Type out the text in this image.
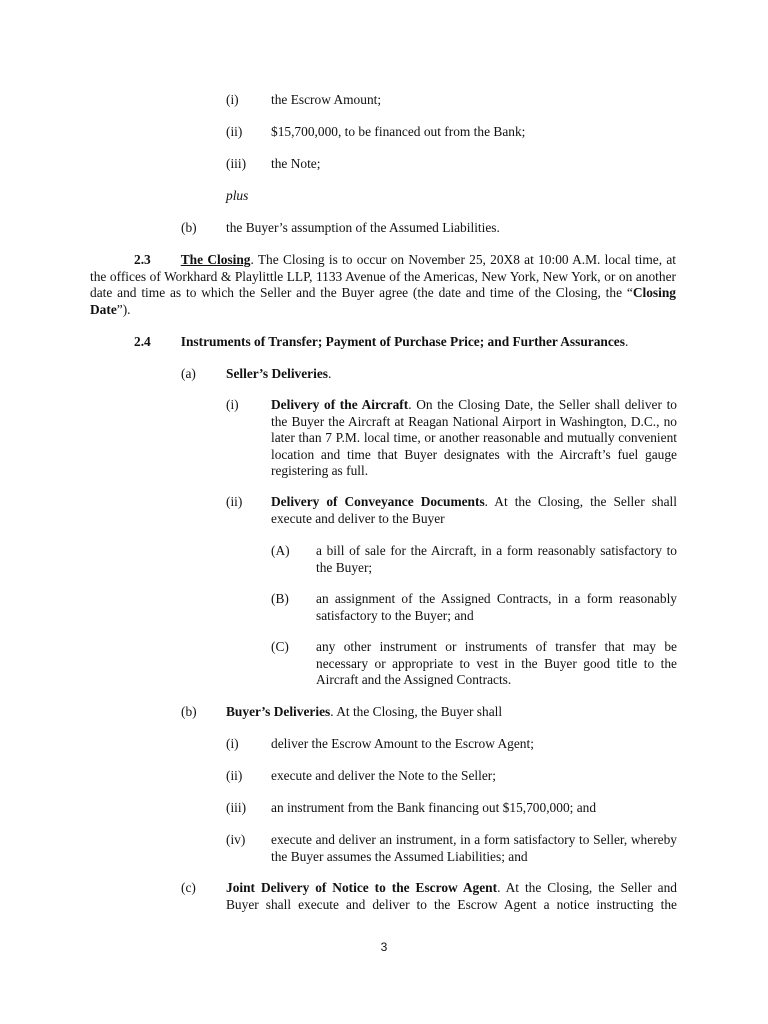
(i) the Escrow Amount;
(ii) $15,700,000, to be financed out from the Bank;
(iii) the Note;
plus
(b) the Buyer’s assumption of the Assumed Liabilities.
2.3 The Closing. The Closing is to occur on November 25, 20X8 at 10:00 A.M. local time, at the offices of Workhard & Playlittle LLP, 1133 Avenue of the Americas, New York, New York, or on another date and time as to which the Seller and the Buyer agree (the date and time of the Closing, the “Closing Date”).
2.4 Instruments of Transfer; Payment of Purchase Price; and Further Assurances.
(a) Seller’s Deliveries.
(i) Delivery of the Aircraft. On the Closing Date, the Seller shall deliver to the Buyer the Aircraft at Reagan National Airport in Washington, D.C., no later than 7 P.M. local time, or another reasonable and mutually convenient location and time that Buyer designates with the Aircraft’s fuel gauge registering as full.
(ii) Delivery of Conveyance Documents. At the Closing, the Seller shall execute and deliver to the Buyer
(A) a bill of sale for the Aircraft, in a form reasonably satisfactory to the Buyer;
(B) an assignment of the Assigned Contracts, in a form reasonably satisfactory to the Buyer; and
(C) any other instrument or instruments of transfer that may be necessary or appropriate to vest in the Buyer good title to the Aircraft and the Assigned Contracts.
(b) Buyer’s Deliveries. At the Closing, the Buyer shall
(i) deliver the Escrow Amount to the Escrow Agent;
(ii) execute and deliver the Note to the Seller;
(iii) an instrument from the Bank financing out $15,700,000; and
(iv) execute and deliver an instrument, in a form satisfactory to Seller, whereby the Buyer assumes the Assumed Liabilities; and
(c) Joint Delivery of Notice to the Escrow Agent. At the Closing, the Seller and Buyer shall execute and deliver to the Escrow Agent a notice instructing the
3
